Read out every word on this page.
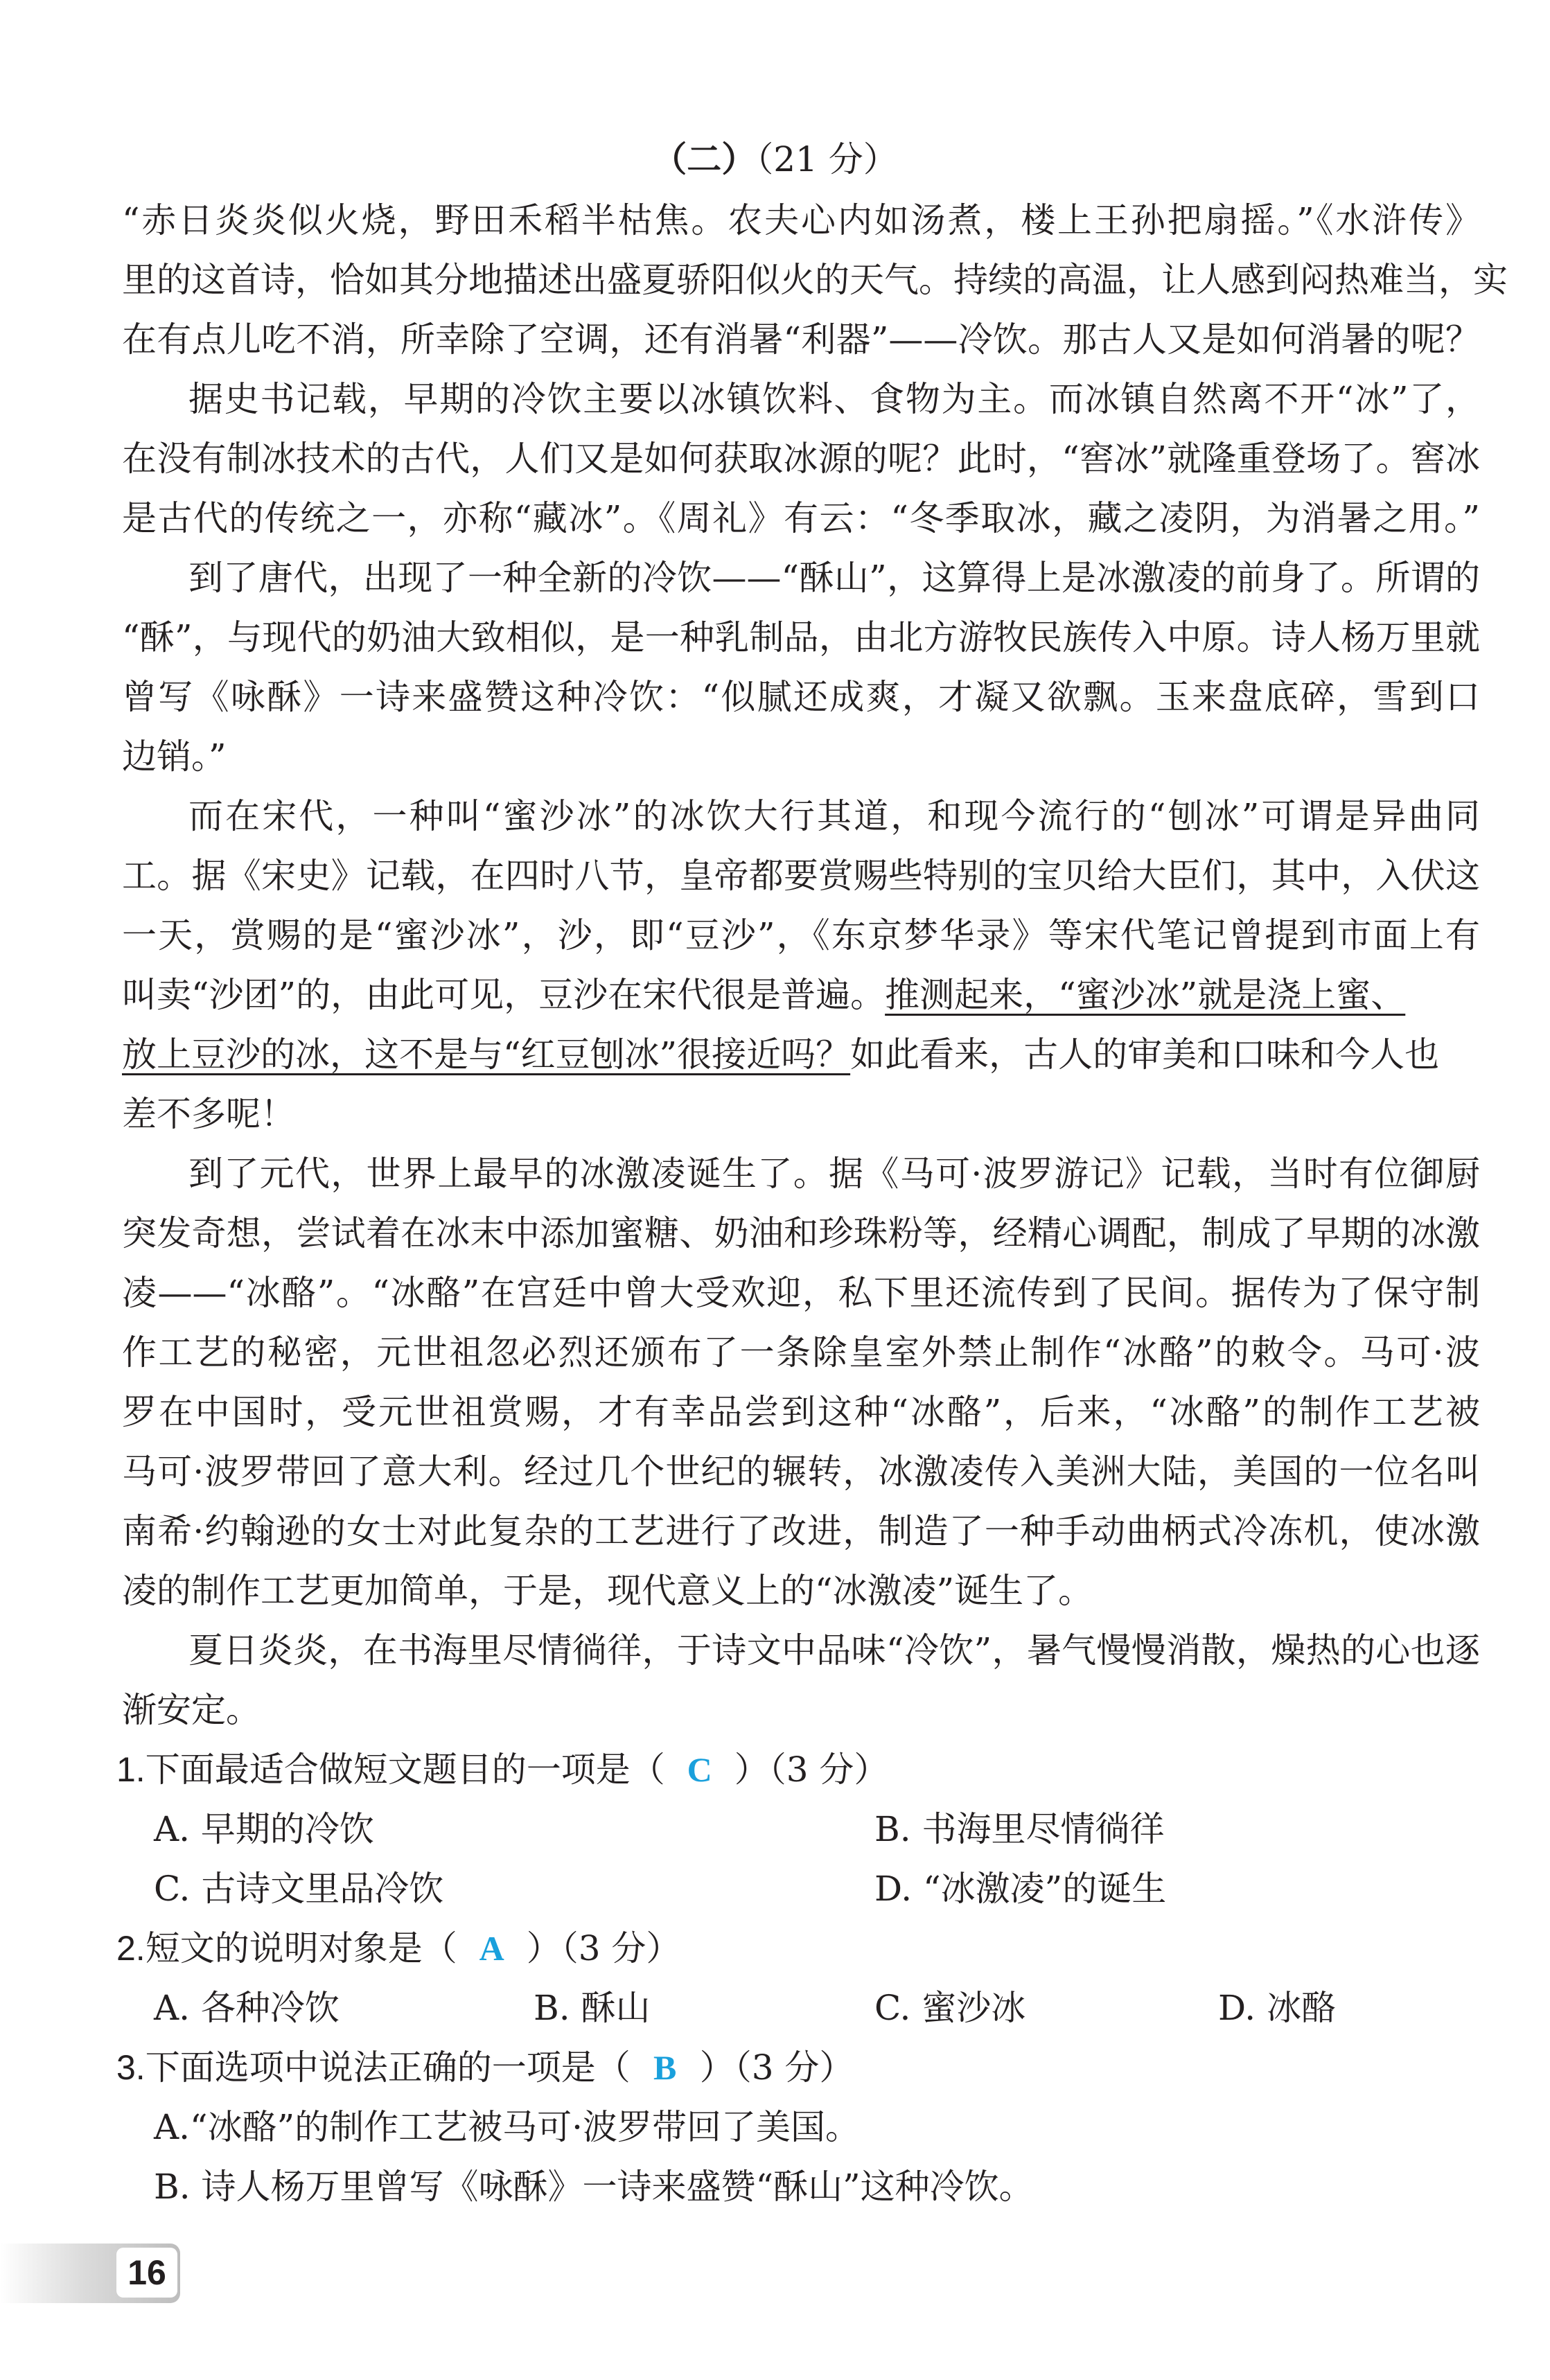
（二）（21 分）
“赤日炎炎似火烧，野田禾稻半枯焦。农夫心内如汤煮，楼上王孙把扇摇。”《水浒传》
里的这首诗，恰如其分地描述出盛夏骄阳似火的天气。持续的高温，让人感到闷热难当，实
在有点儿吃不消，所幸除了空调，还有消暑“利器”——冷饮。那古人又是如何消暑的呢？
据史书记载，早期的冷饮主要以冰镇饮料、食物为主。而冰镇自然离不开“冰”了，
在没有制冰技术的古代，人们又是如何获取冰源的呢？此时，“窖冰”就隆重登场了。窖冰
是古代的传统之一，亦称“藏冰”。《周礼》有云：“冬季取冰，藏之凌阴，为消暑之用。”
到了唐代，出现了一种全新的冷饮——“酥山”，这算得上是冰激凌的前身了。所谓的
“酥”，与现代的奶油大致相似，是一种乳制品，由北方游牧民族传入中原。诗人杨万里就
曾写《咏酥》一诗来盛赞这种冷饮：“似腻还成爽，才凝又欲飘。玉来盘底碎，雪到口
边销。”
而在宋代，一种叫“蜜沙冰”的冰饮大行其道，和现今流行的“刨冰”可谓是异曲同
工。据《宋史》记载，在四时八节，皇帝都要赏赐些特别的宝贝给大臣们，其中，入伏这
一天，赏赐的是“蜜沙冰”，沙，即“豆沙”，《东京梦华录》等宋代笔记曾提到市面上有
叫卖“沙团”的，由此可见，豆沙在宋代很是普遍。推测起来，“蜜沙冰”就是浇上蜜、
放上豆沙的冰，这不是与“红豆刨冰”很接近吗？如此看来，古人的审美和口味和今人也
差不多呢！
到了元代，世界上最早的冰激凌诞生了。据《马可·波罗游记》记载，当时有位御厨
突发奇想，尝试着在冰末中添加蜜糖、奶油和珍珠粉等，经精心调配，制成了早期的冰激
凌——“冰酪”。“冰酪”在宫廷中曾大受欢迎，私下里还流传到了民间。据传为了保守制
作工艺的秘密，元世祖忽必烈还颁布了一条除皇室外禁止制作“冰酪”的敕令。马可·波
罗在中国时，受元世祖赏赐，才有幸品尝到这种“冰酪”，后来，“冰酪”的制作工艺被
马可·波罗带回了意大利。经过几个世纪的辗转，冰激凌传入美洲大陆，美国的一位名叫
南希·约翰逊的女士对此复杂的工艺进行了改进，制造了一种手动曲柄式冷冻机，使冰激
凌的制作工艺更加简单，于是，现代意义上的“冰激凌”诞生了。
夏日炎炎，在书海里尽情徜徉，于诗文中品味“冷饮”，暑气慢慢消散，燥热的心也逐
渐安定。
1.下面最适合做短文题目的一项是（ C ）（3 分）
A. 早期的冷饮	B. 书海里尽情徜徉
C. 古诗文里品冷饮	D. “冰激凌”的诞生
2.短文的说明对象是（ A ）（3 分）
A. 各种冷饮	B. 酥山	C. 蜜沙冰	D. 冰酪
3.下面选项中说法正确的一项是（ B ）（3 分）
A.“冰酪”的制作工艺被马可·波罗带回了美国。
B. 诗人杨万里曾写《咏酥》一诗来盛赞“酥山”这种冷饮。
16
